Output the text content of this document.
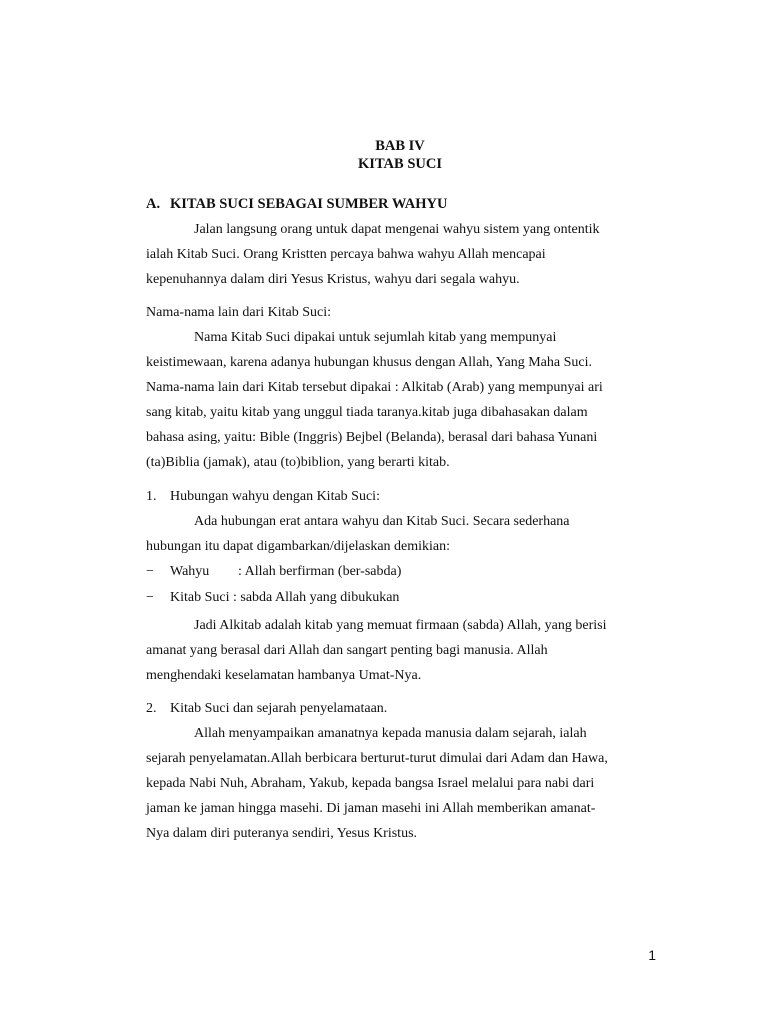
BAB IV
KITAB SUCI
A. KITAB SUCI SEBAGAI SUMBER WAHYU
Jalan langsung orang untuk dapat mengenai wahyu sistem yang ontentik
ialah Kitab Suci. Orang Kristten percaya bahwa wahyu Allah mencapai
kepenuhannya dalam diri Yesus Kristus, wahyu dari segala wahyu.
Nama-nama lain dari Kitab Suci:
Nama Kitab Suci dipakai untuk sejumlah kitab yang mempunyai
keistimewaan, karena adanya hubungan khusus dengan Allah, Yang Maha Suci.
Nama-nama lain dari Kitab tersebut dipakai : Alkitab (Arab) yang mempunyai ari
sang kitab, yaitu kitab yang unggul tiada taranya.kitab juga dibahasakan dalam
bahasa asing, yaitu: Bible (Inggris) Bejbel (Belanda), berasal dari bahasa Yunani
(ta)Biblia (jamak), atau (to)biblion, yang berarti kitab.
1. Hubungan wahyu dengan Kitab Suci:
Ada hubungan erat antara wahyu dan Kitab Suci. Secara sederhana
hubungan itu dapat digambarkan/dijelaskan demikian:
− Wahyu : Allah berfirman (ber-sabda)
− Kitab Suci : sabda Allah yang dibukukan
Jadi Alkitab adalah kitab yang memuat firmaan (sabda) Allah, yang berisi
amanat yang berasal dari Allah dan sangart penting bagi manusia. Allah
menghendaki keselamatan hambanya Umat-Nya.
2. Kitab Suci dan sejarah penyelamataan.
Allah menyampaikan amanatnya kepada manusia dalam sejarah, ialah
sejarah penyelamatan.Allah berbicara berturut-turut dimulai dari Adam dan Hawa,
kepada Nabi Nuh, Abraham, Yakub, kepada bangsa Israel melalui para nabi dari
jaman ke jaman hingga masehi. Di jaman masehi ini Allah memberikan amanat-
Nya dalam diri puteranya sendiri, Yesus Kristus.
1
